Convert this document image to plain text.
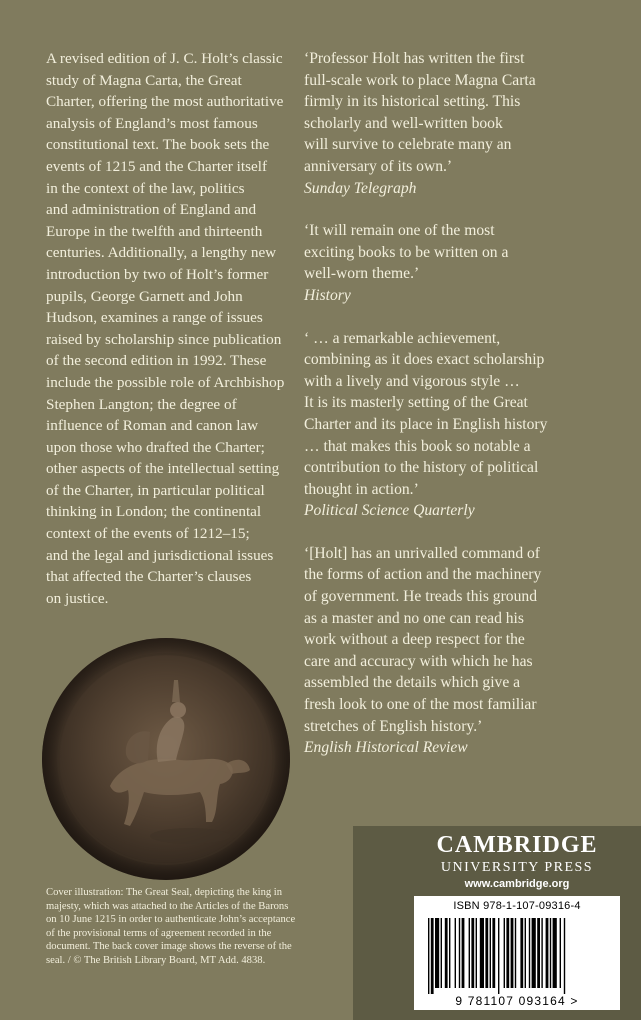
A revised edition of J. C. Holt’s classic
study of Magna Carta, the Great
Charter, offering the most authoritative
analysis of England’s most famous
constitutional text. The book sets the
events of 1215 and the Charter itself
in the context of the law, politics
and administration of England and
Europe in the twelfth and thirteenth
centuries. Additionally, a lengthy new
introduction by two of Holt’s former
pupils, George Garnett and John
Hudson, examines a range of issues
raised by scholarship since publication
of the second edition in 1992. These
include the possible role of Archbishop
Stephen Langton; the degree of
influence of Roman and canon law
upon those who drafted the Charter;
other aspects of the intellectual setting
of the Charter, in particular political
thinking in London; the continental
context of the events of 1212–15;
and the legal and jurisdictional issues
that affected the Charter’s clauses
on justice.
‘Professor Holt has written the first
full-scale work to place Magna Carta
firmly in its historical setting. This
scholarly and well-written book
will survive to celebrate many an
anniversary of its own.’
Sunday Telegraph
‘It will remain one of the most
exciting books to be written on a
well-worn theme.’
History
‘ … a remarkable achievement,
combining as it does exact scholarship
with a lively and vigorous style …
It is its masterly setting of the Great
Charter and its place in English history
… that makes this book so notable a
contribution to the history of political
thought in action.’
Political Science Quarterly
‘[Holt] has an unrivalled command of
the forms of action and the machinery
of government. He treads this ground
as a master and no one can read his
work without a deep respect for the
care and accuracy with which he has
assembled the details which give a
fresh look to one of the most familiar
stretches of English history.’
English Historical Review
Cover illustration: The Great Seal, depicting the king in
majesty, which was attached to the Articles of the Barons
on 10 June 1215 in order to authenticate John’s acceptance
of the provisional terms of agreement recorded in the
document. The back cover image shows the reverse of the
seal. / © The British Library Board, MT Add. 4838.
CAMBRIDGE
UNIVERSITY PRESS
www.cambridge.org
ISBN 978-1-107-09316-4
9 781107 093164 >
